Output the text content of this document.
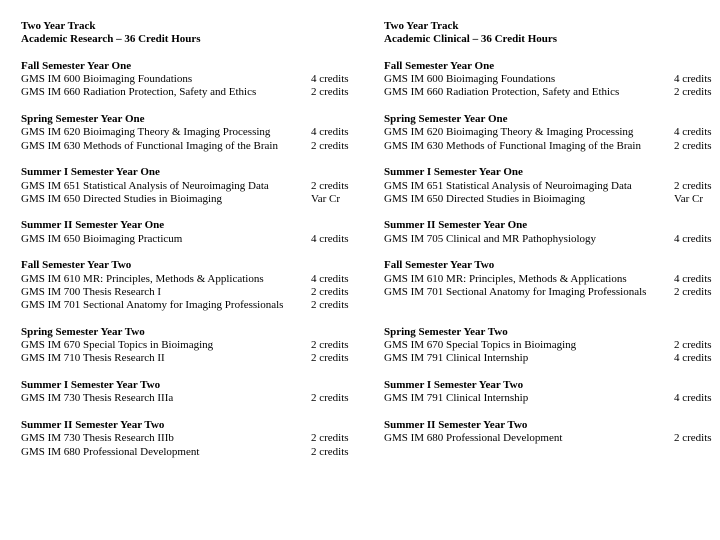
Two Year Track
Academic Research – 36 Credit Hours
Fall Semester Year One
GMS IM 600 Bioimaging Foundations	4 credits
GMS IM 660 Radiation Protection, Safety and Ethics	2 credits
Spring Semester Year One
GMS IM 620 Bioimaging Theory & Imaging Processing	4 credits
GMS IM 630 Methods of Functional Imaging of the Brain	2 credits
Summer I Semester Year One
GMS IM 651 Statistical Analysis of Neuroimaging Data	2 credits
GMS IM 650 Directed Studies in Bioimaging	Var Cr
Summer II Semester Year One
GMS IM 650 Bioimaging Practicum	4 credits
Fall Semester Year Two
GMS IM 610 MR: Principles, Methods & Applications	4 credits
GMS IM 700 Thesis Research I	2 credits
GMS IM 701 Sectional Anatomy for Imaging Professionals	2 credits
Spring Semester Year Two
GMS IM 670 Special Topics in Bioimaging	2 credits
GMS IM 710 Thesis Research II	2 credits
Summer I Semester Year Two
GMS IM 730 Thesis Research IIIa	2 credits
Summer II Semester Year Two
GMS IM 730 Thesis Research IIIb	2 credits
GMS IM 680 Professional Development	2 credits
Two Year Track
Academic Clinical – 36 Credit Hours
Fall Semester Year One
GMS IM 600 Bioimaging Foundations	4 credits
GMS IM 660 Radiation Protection, Safety and Ethics	2 credits
Spring Semester Year One
GMS IM 620 Bioimaging Theory & Imaging Processing	4 credits
GMS IM 630 Methods of Functional Imaging of the Brain	2 credits
Summer I Semester Year One
GMS IM 651 Statistical Analysis of Neuroimaging Data	2 credits
GMS IM 650 Directed Studies in Bioimaging	Var Cr
Summer II Semester Year One
GMS IM 705 Clinical and MR Pathophysiology	4 credits
Fall Semester Year Two
GMS IM 610 MR: Principles, Methods & Applications	4 credits
GMS IM 701 Sectional Anatomy for Imaging Professionals	2 credits

Spring Semester Year Two
GMS IM 670 Special Topics in Bioimaging	2 credits
GMS IM 791 Clinical Internship	4 credits
Summer I Semester Year Two
GMS IM 791 Clinical Internship	4 credits
Summer II Semester Year Two
GMS IM 680 Professional Development	2 credits
